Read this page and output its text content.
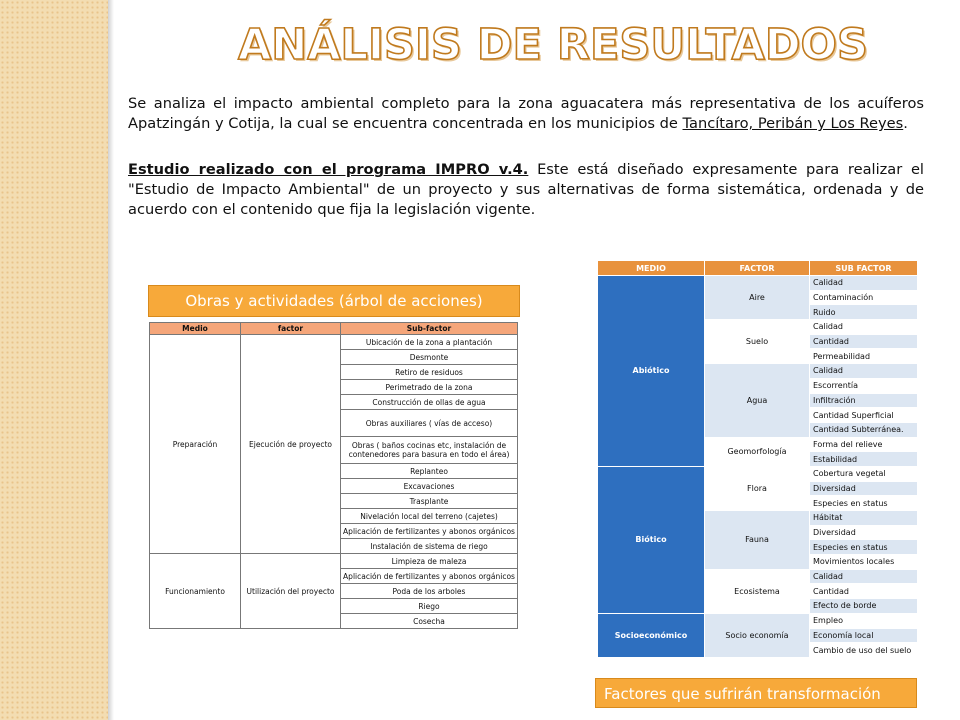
ANÁLISIS DE RESULTADOS
Se analiza el impacto ambiental completo para la zona aguacatera más representativa de los acuíferos Apatzingán y Cotija, la cual se encuentra concentrada en los municipios de Tancítaro, Peribán y Los Reyes.
Estudio realizado con el programa IMPRO v.4. Este está diseñado expresamente para realizar el "Estudio de Impacto Ambiental" de un proyecto y sus alternativas de forma sistemática, ordenada y de acuerdo con el contenido que fija la legislación vigente.
Obras y actividades (árbol de acciones)
Medio	factor	Sub-factor
Preparación	Ejecución de proyecto	Ubicación de la zona a plantación
		Desmonte
		Retiro de residuos
		Perimetrado de la zona
		Construcción de ollas de agua
		Obras auxiliares ( vías de acceso)
		Obras ( baños cocinas etc, instalación de contenedores para basura en todo el área)
		Replanteo
		Excavaciones
		Trasplante
		Nivelación local del terreno (cajetes)
		Aplicación de fertilizantes y abonos orgánicos
		Instalación de sistema de riego
Funcionamiento	Utilización del proyecto	Limpieza de maleza
		Aplicación de fertilizantes y abonos orgánicos
		Poda de los arboles
		Riego
		Cosecha
MEDIO	FACTOR	SUB FACTOR
Abiótico	Aire	Calidad
		Contaminación
		Ruido
	Suelo	Calidad
		Cantidad
		Permeabilidad
	Agua	Calidad
		Escorrentía
		Infiltración
		Cantidad Superficial
		Cantidad Subterránea.
	Geomorfología	Forma del relieve
		Estabilidad
Biótico	Flora	Cobertura vegetal
		Diversidad
		Especies en status
	Fauna	Hábitat
		Diversidad
		Especies en status
		Movimientos locales
	Ecosistema	Calidad
		Cantidad
		Efecto de borde
Socioeconómico	Socio economía	Empleo
		Economía local
		Cambio de uso del suelo
Factores que sufrirán transformación
